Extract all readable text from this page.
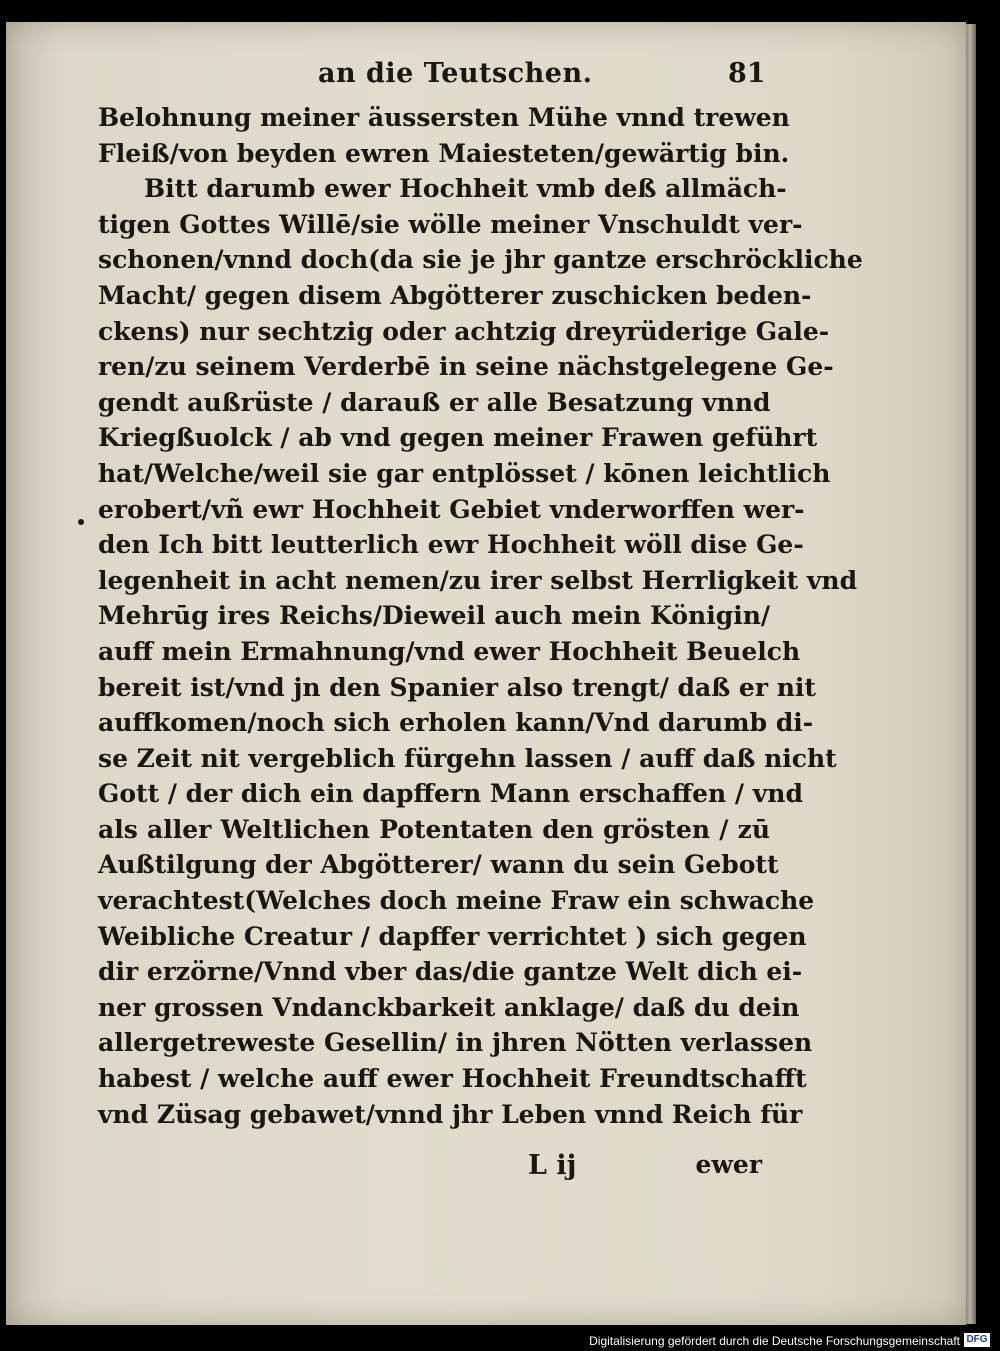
an die Teutschen.	81
Belohnung meiner äussersten Mühe vnnd trewen
Fleiß/von beyden ewren Maiesteten/gewärtig bin.
Bitt darumb ewer Hochheit vmb deß allmäch-
tigen Gottes Willē/sie wölle meiner Vnschuldt ver-
schonen/vnnd doch(da sie je jhr gantze erschröckliche
Macht/ gegen disem Abgötterer zuschicken beden-
ckens) nur sechtzig oder achtzig dreyrüderige Gale-
ren/zu seinem Verderbē in seine nächstgelegene Ge-
gendt außrüste / darauß er alle Besatzung vnnd
Kriegßuolck / ab vnd gegen meiner Frawen geführt
hat/Welche/weil sie gar entplösset / kōnen leichtlich
erobert/vñ ewr Hochheit Gebiet vnderworffen wer-
den Ich bitt leutterlich ewr Hochheit wöll dise Ge-
legenheit in acht nemen/zu irer selbst Herrligkeit vnd
Mehrūg ires Reichs/Dieweil auch mein Königin/
auff mein Ermahnung/vnd ewer Hochheit Beuelch
bereit ist/vnd jn den Spanier also trengt/ daß er nit
auffkomen/noch sich erholen kann/Vnd darumb di-
se Zeit nit vergeblich fürgehn lassen / auff daß nicht
Gott / der dich ein dapffern Mann erschaffen / vnd
als aller Weltlichen Potentaten den grösten / zū
Außtilgung der Abgötterer/ wann du sein Gebott
verachtest(Welches doch meine Fraw ein schwache
Weibliche Creatur / dapffer verrichtet ) sich gegen
dir erzörne/Vnnd vber das/die gantze Welt dich ei-
ner grossen Vndanckbarkeit anklage/ daß du dein
allergetreweste Gesellin/ in jhren Nötten verlassen
habest / welche auff ewer Hochheit Freundtschafft
vnd Züsag gebawet/vnnd jhr Leben vnnd Reich für
L ij	ewer
Digitalisierung gefördert durch die Deutsche Forschungsgemeinschaft DFG
